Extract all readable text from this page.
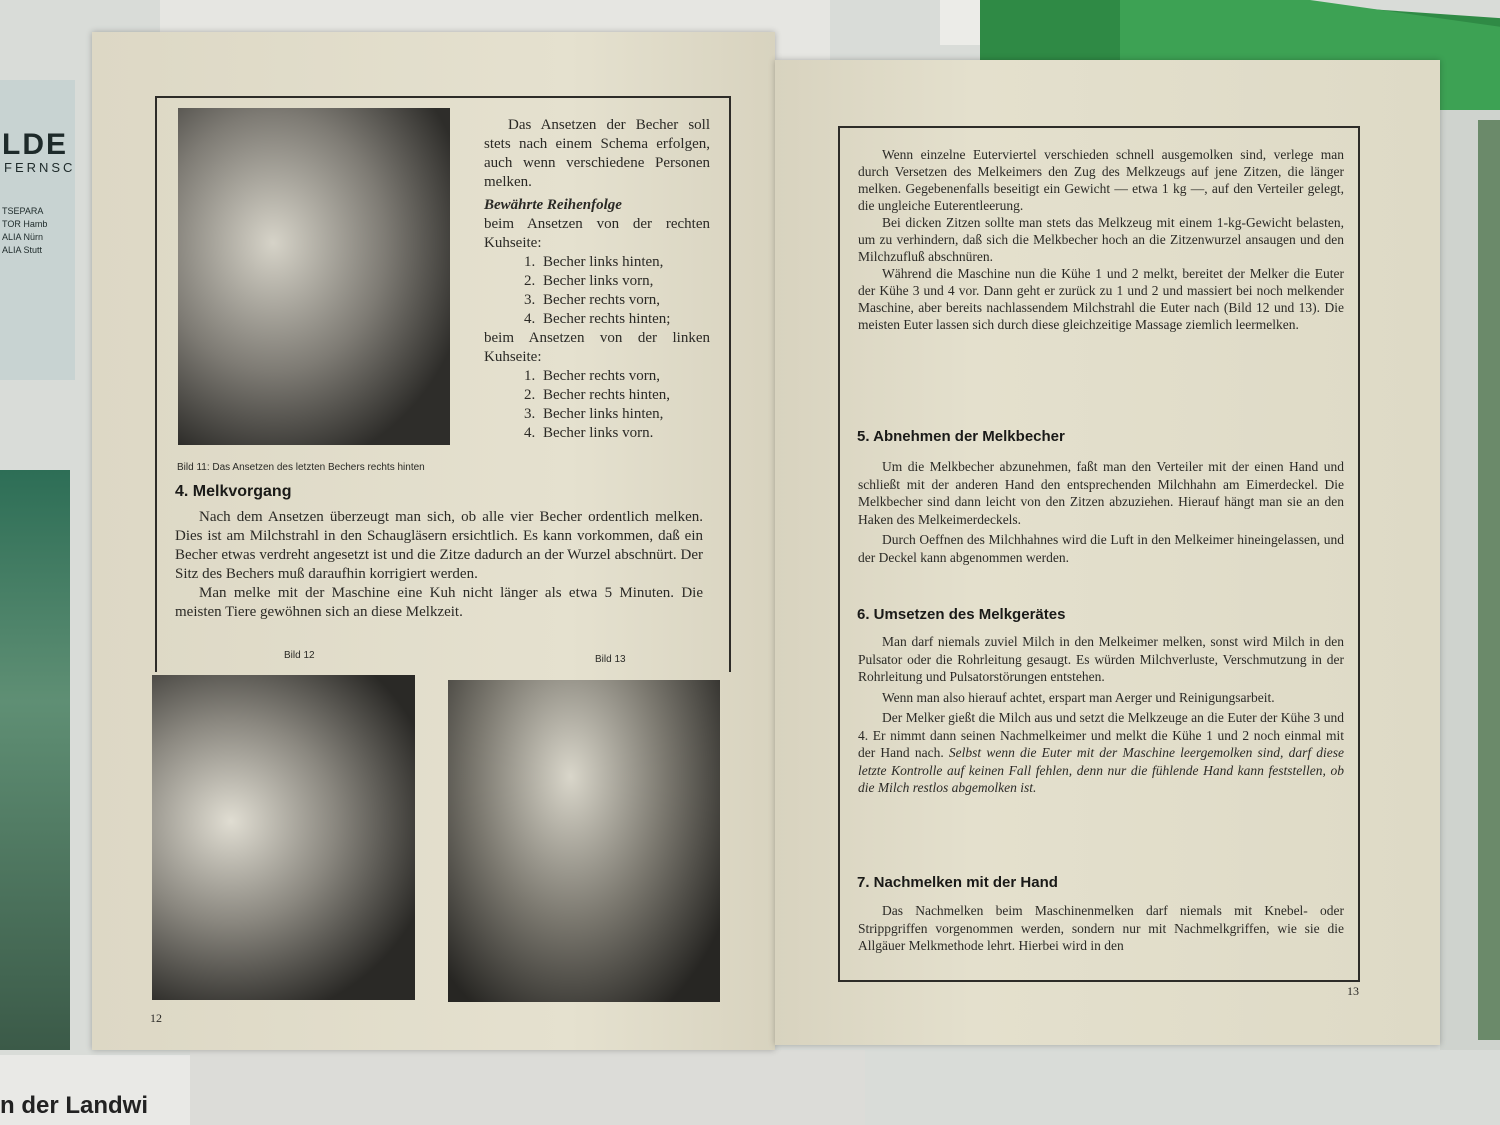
LDE
FERNSC
TSEPARA
TOR Hamb
ALIA Nürn
ALIA Stutt
n der Landwi

Das Ansetzen der Becher soll stets nach einem Schema erfolgen, auch wenn verschiedene Personen melken.

Bewährte Reihenfolge

beim Ansetzen von der rechten Kuhseite:

1. Becher links hinten,
2. Becher links vorn,
3. Becher rechts vorn,
4. Becher rechts hinten;

beim Ansetzen von der linken Kuhseite:

1. Becher rechts vorn,
2. Becher rechts hinten,
3. Becher links hinten,
4. Becher links vorn.
Bild 11: Das Ansetzen des letzten Bechers rechts hinten
4. Melkvorgang

Nach dem Ansetzen überzeugt man sich, ob alle vier Becher ordentlich melken. Dies ist am Milchstrahl in den Schaugläsern ersichtlich. Es kann vorkommen, daß ein Becher etwas verdreht angesetzt ist und die Zitze dadurch an der Wurzel abschnürt. Der Sitz des Bechers muß daraufhin korrigiert werden.

Man melke mit der Maschine eine Kuh nicht länger als etwa 5 Minuten. Die meisten Tiere gewöhnen sich an diese Melkzeit.

Bild 12	Bild 13
12

Wenn einzelne Euterviertel verschieden schnell ausgemolken sind, verlege man durch Versetzen des Melkeimers den Zug des Melkzeugs auf jene Zitzen, die länger melken. Gegebenenfalls beseitigt ein Gewicht — etwa 1 kg —, auf den Verteiler gelegt, die ungleiche Euterentleerung.

Bei dicken Zitzen sollte man stets das Melkzeug mit einem 1-kg-Gewicht belasten, um zu verhindern, daß sich die Melkbecher hoch an die Zitzenwurzel ansaugen und den Milchzufluß abschnüren.

Während die Maschine nun die Kühe 1 und 2 melkt, bereitet der Melker die Euter der Kühe 3 und 4 vor. Dann geht er zurück zu 1 und 2 und massiert bei noch melkender Maschine, aber bereits nachlassendem Milchstrahl die Euter nach (Bild 12 und 13). Die meisten Euter lassen sich durch diese gleichzeitige Massage ziemlich leermelken.

5. Abnehmen der Melkbecher

Um die Melkbecher abzunehmen, faßt man den Verteiler mit der einen Hand und schließt mit der anderen Hand den entsprechenden Milchhahn am Eimerdeckel. Die Melkbecher sind dann leicht von den Zitzen abzuziehen. Hierauf hängt man sie an den Haken des Melkeimerdeckels.

Durch Oeffnen des Milchhahnes wird die Luft in den Melkeimer hineingelassen, und der Deckel kann abgenommen werden.

6. Umsetzen des Melkgerätes

Man darf niemals zuviel Milch in den Melkeimer melken, sonst wird Milch in den Pulsator oder die Rohrleitung gesaugt. Es würden Milchverluste, Verschmutzung in der Rohrleitung und Pulsatorstörungen entstehen.

Wenn man also hierauf achtet, erspart man Aerger und Reinigungsarbeit.

Der Melker gießt die Milch aus und setzt die Melkzeuge an die Euter der Kühe 3 und 4. Er nimmt dann seinen Nachmelkeimer und melkt die Kühe 1 und 2 noch einmal mit der Hand nach. Selbst wenn die Euter mit der Maschine leergemolken sind, darf diese letzte Kontrolle auf keinen Fall fehlen, denn nur die fühlende Hand kann feststellen, ob die Milch restlos abgemolken ist.

7. Nachmelken mit der Hand

Das Nachmelken beim Maschinenmelken darf niemals mit Knebel- oder Strippgriffen vorgenommen werden, sondern nur mit Nachmelkgriffen, wie sie die Allgäuer Melkmethode lehrt. Hierbei wird in den

13
